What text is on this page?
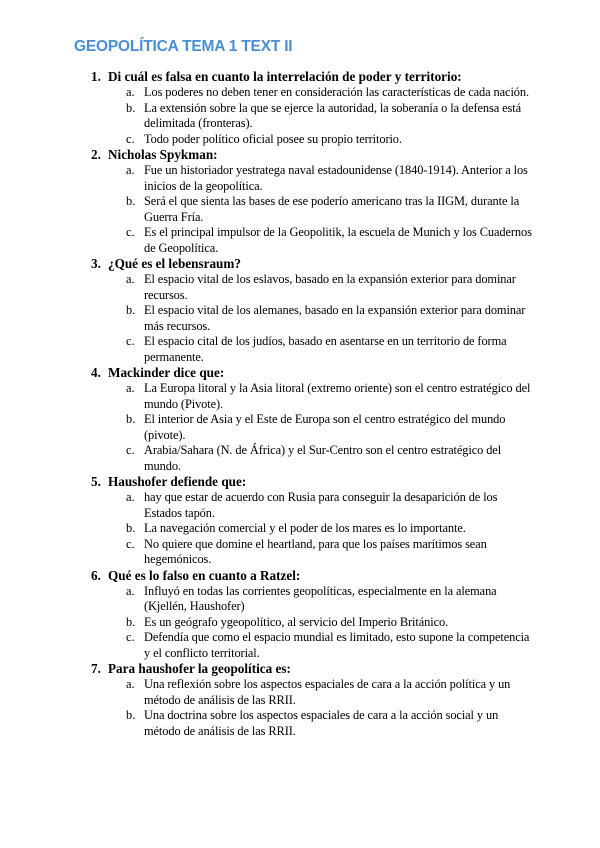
GEOPOLÍTICA TEMA 1 TEXT II
1. Di cuál es falsa en cuanto la interrelación de poder y territorio:
a. Los poderes no deben tener en consideración las características de cada nación.
b. La extensión sobre la que se ejerce la autoridad, la soberanía o la defensa está delimitada (fronteras).
c. Todo poder político oficial posee su propio territorio.
2. Nicholas Spykman:
a. Fue un historiador yestratega naval estadounidense (1840-1914). Anterior a los inicios de la geopolítica.
b. Será el que sienta las bases de ese poderío americano tras la IIGM, durante la Guerra Fría.
c. Es el principal impulsor de la Geopolitik, la escuela de Munich y los Cuadernos de Geopolítica.
3. ¿Qué es el lebensraum?
a. El espacio vital de los eslavos, basado en la expansión exterior para dominar recursos.
b. El espacio vital de los alemanes, basado en la expansión exterior para dominar más recursos.
c. El espacio cital de los judíos, basado en asentarse en un territorio de forma permanente.
4. Mackinder dice que:
a. La Europa litoral y la Asia litoral (extremo oriente) son el centro estratégico del mundo (Pivote).
b. El interior de Asia y el Este de Europa son el centro estratégico del mundo (pivote).
c. Arabia/Sahara (N. de África) y el Sur-Centro son el centro estratégico del mundo.
5. Haushofer defiende que:
a. hay que estar de acuerdo con Rusia para conseguir la desaparición de los Estados tapón.
b. La navegación comercial y el poder de los mares es lo importante.
c. No quiere que domine el heartland, para que los países marítimos sean hegemónicos.
6. Qué es lo falso en cuanto a Ratzel:
a. Influyó en todas las corrientes geopolíticas, especialmente en la alemana (Kjellén, Haushofer)
b. Es un geógrafo ygeopolítico, al servicio del Imperio Británico.
c. Defendía que como el espacio mundial es limitado, esto supone la competencia y el conflicto territorial.
7. Para haushofer la geopolítica es:
a. Una reflexión sobre los aspectos espaciales de cara a la acción política y un método de análisis de las RRII.
b. Una doctrina sobre los aspectos espaciales de cara a la acción social y un método de análisis de las RRII.
